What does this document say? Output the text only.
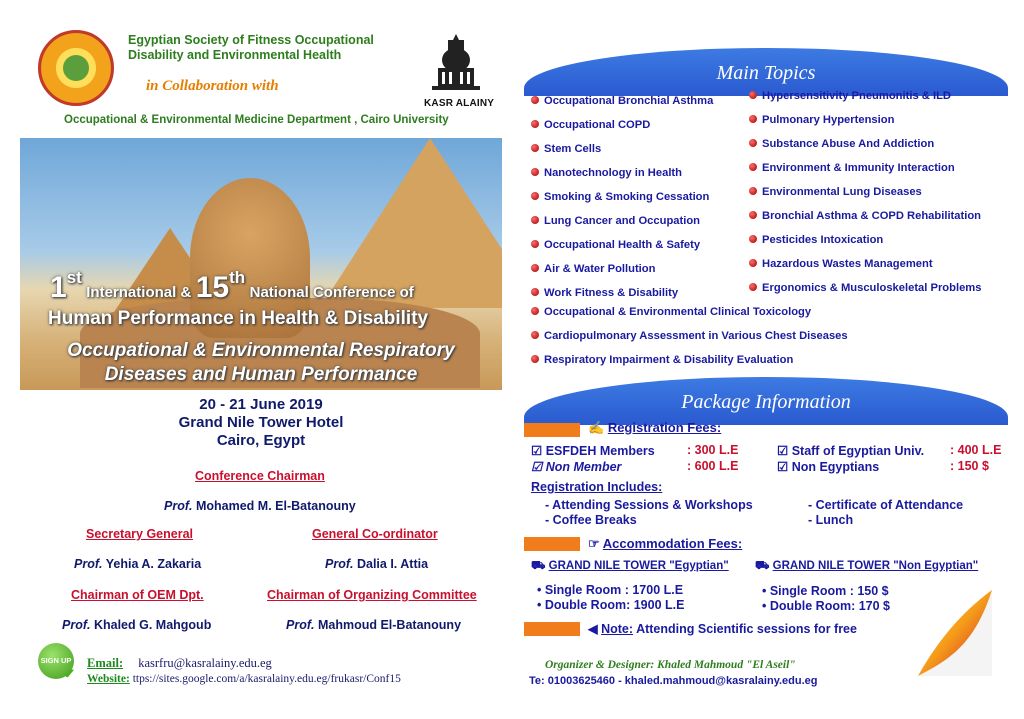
Egyptian Society of Fitness Occupational
Disability and Environmental Health
in Collaboration with
KASR ALAINY
Occupational & Environmental Medicine Department , Cairo University
1st International & 15th National Conference of
Human Performance in Health & Disability
Occupational & Environmental Respiratory
Diseases and Human Performance
20 - 21 June 2019
Grand Nile Tower Hotel
Cairo, Egypt
Conference Chairman
Prof. Mohamed M. El-Batanouny
Secretary General	General Co-ordinator
Prof. Yehia A. Zakaria	Prof. Dalia I. Attia
Chairman of OEM Dpt.	Chairman of Organizing Committee
Prof. Khaled G. Mahgoub	Prof. Mahmoud El-Batanouny
SIGN UP
✔
Email: kasrfru@kasralainy.edu.eg
Website: ttps://sites.google.com/a/kasralainy.edu.eg/frukasr/Conf15
Main Topics
Occupational Bronchial Asthma
Occupational COPD
Stem Cells
Nanotechnology in Health
Smoking & Smoking Cessation
Lung Cancer and Occupation
Occupational Health & Safety
Air & Water Pollution
Work Fitness & Disability
Hypersensitivity Pneumonitis & ILD
Pulmonary Hypertension
Substance Abuse And Addiction
Environment & Immunity Interaction
Environmental Lung Diseases
Bronchial Asthma & COPD Rehabilitation
Pesticides Intoxication
Hazardous Wastes Management
Ergonomics & Musculoskeletal Problems
Occupational & Environmental Clinical Toxicology
Cardiopulmonary Assessment in Various Chest Diseases
Respiratory Impairment & Disability Evaluation
Package Information
✍ Registration Fees:
☑ ESFDEH Members	: 300 L.E
☑ Non Member	: 600 L.E
☑ Staff of Egyptian Univ. : 400 L.E
☑ Non Egyptians	: 150 $
Registration Includes:
- Attending Sessions & Workshops
- Coffee Breaks
- Certificate of Attendance
- Lunch
☞ Accommodation Fees:
⛟ GRAND NILE TOWER "Egyptian" ⛟ GRAND NILE TOWER "Non Egyptian"
• Single Room : 1700 L.E
• Double Room: 1900 L.E
• Single Room : 150 $
• Double Room: 170 $
◀ Note: Attending Scientific sessions for free
Organizer & Designer: Khaled Mahmoud "El Aseil"
Te: 01003625460 - khaled.mahmoud@kasralainy.edu.eg
